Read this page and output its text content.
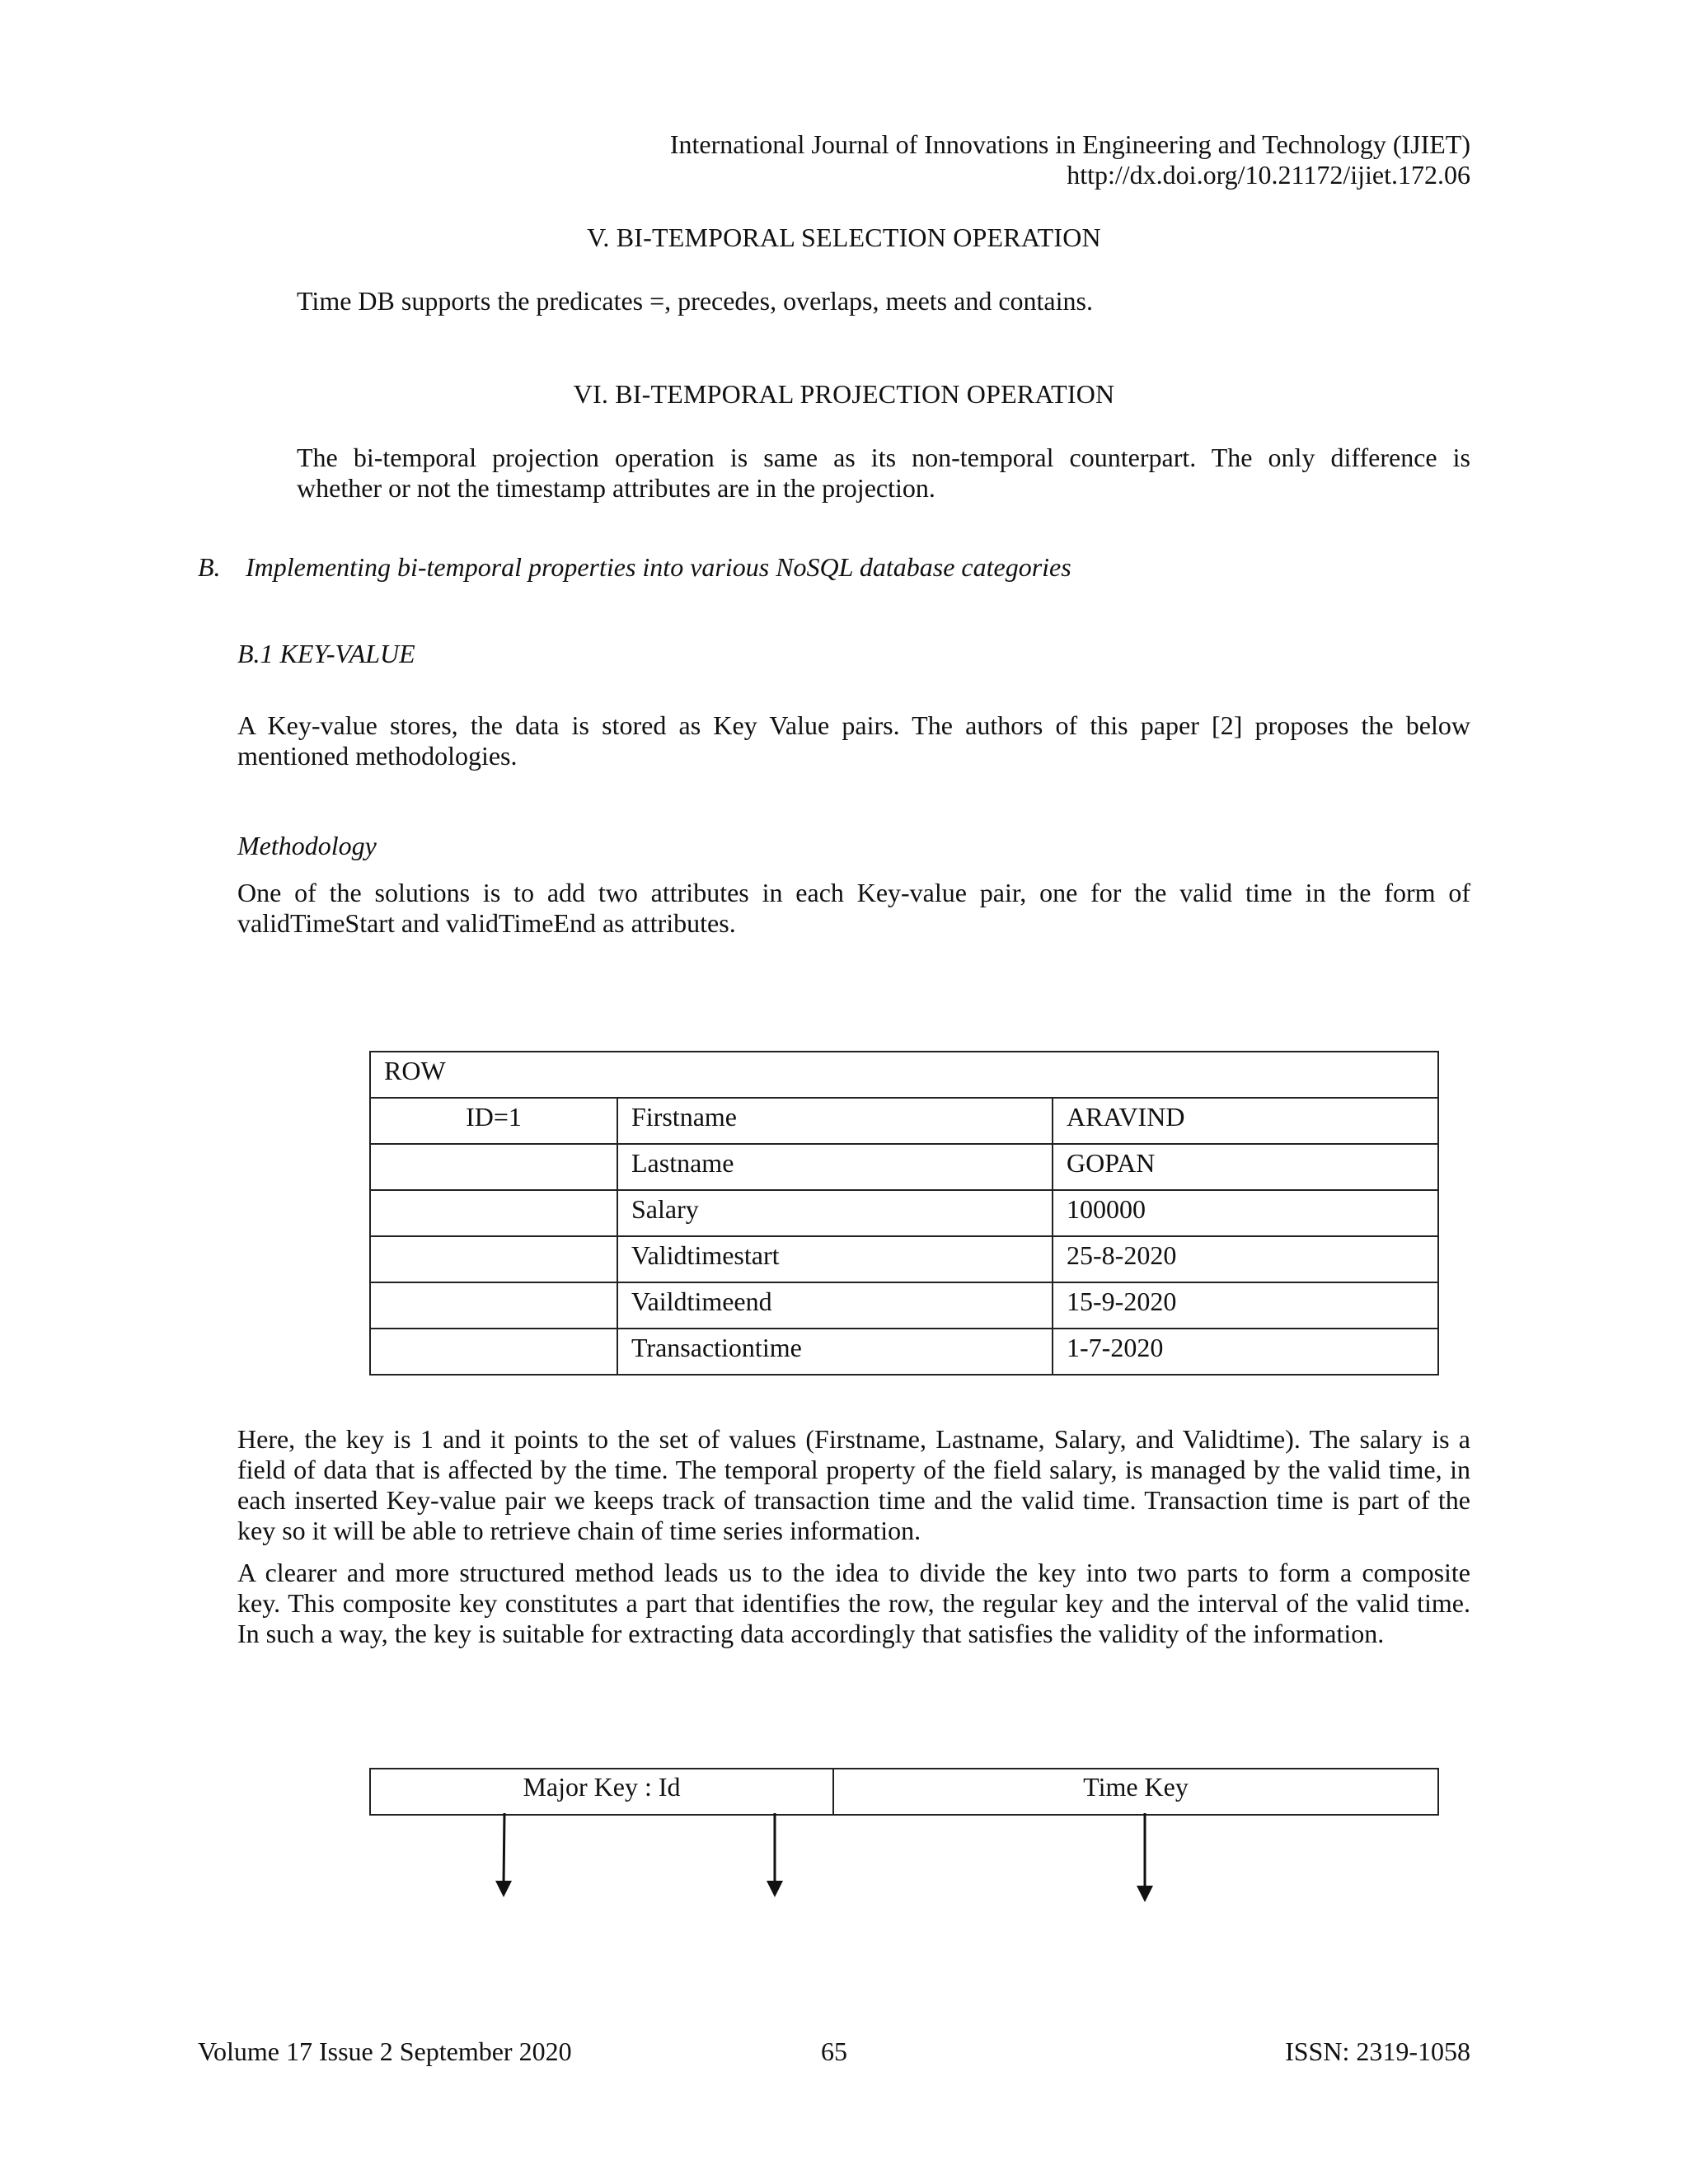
International Journal of Innovations in Engineering and Technology (IJIET)
http://dx.doi.org/10.21172/ijiet.172.06
V. BI-TEMPORAL SELECTION OPERATION
Time DB supports the predicates =, precedes, overlaps, meets and contains.
VI. BI-TEMPORAL PROJECTION OPERATION
The bi-temporal projection operation is same as its non-temporal counterpart. The only difference is
whether or not the timestamp attributes are in the projection.
B. Implementing bi-temporal properties into various NoSQL database categories
B.1 KEY-VALUE
A Key-value stores, the data is stored as Key Value pairs. The authors of this paper [2] proposes the below
mentioned methodologies.
Methodology
One of the solutions is to add two attributes in each Key-value pair, one for the valid time in the form of
validTimeStart and validTimeEnd as attributes.
ROW		
ID=1	Firstname	ARAVIND
	Lastname	GOPAN
	Salary	100000
	Validtimestart	25-8-2020
	Vaildtimeend	15-9-2020
	Transactiontime	1-7-2020
Here, the key is 1 and it points to the set of values (Firstname, Lastname, Salary, and Validtime). The salary is a
field of data that is affected by the time. The temporal property of the field salary, is managed by the valid time, in
each inserted Key-value pair we keeps track of transaction time and the valid time. Transaction time is part of the
key so it will be able to retrieve chain of time series information.
A clearer and more structured method leads us to the idea to divide the key into two parts to form a composite
key. This composite key constitutes a part that identifies the row, the regular key and the interval of the valid time.
In such a way, the key is suitable for extracting data accordingly that satisfies the validity of the information.
Major Key : Id	Time Key
Volume 17 Issue 2 September 2020	65	ISSN: 2319-1058
